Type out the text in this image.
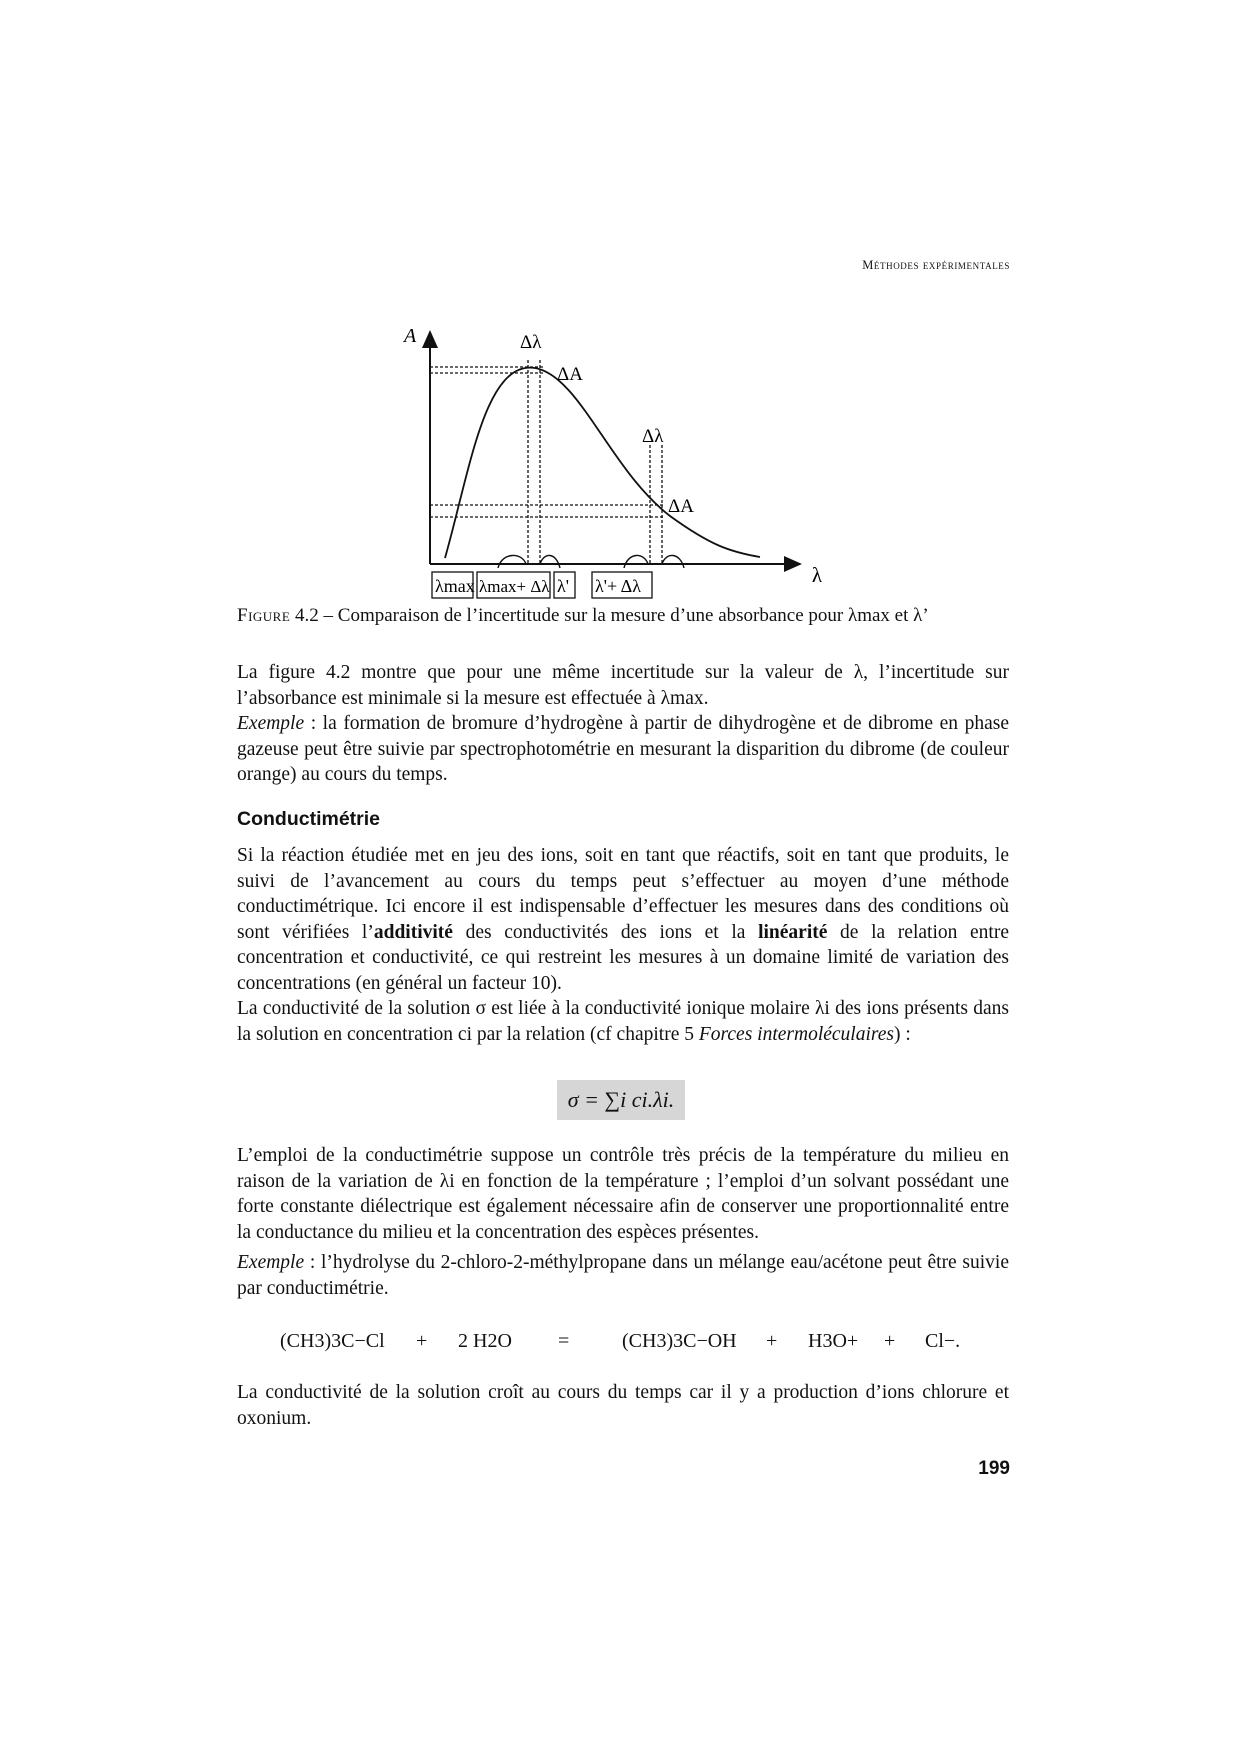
Méthodes expérimentales
A
λ
Δλ
ΔA
Δλ
ΔA
λmax λmax+ Δλ λ' λ'+ Δλ
Figure 4.2 – Comparaison de l’incertitude sur la mesure d’une absorbance pour λmax et λ’

La figure 4.2 montre que pour une même incertitude sur la valeur de λ, l’incertitude sur l’absorbance est minimale si la mesure est effectuée à λmax.

Exemple : la formation de bromure d’hydrogène à partir de dihydrogène et de dibrome en phase gazeuse peut être suivie par spectrophotométrie en mesurant la disparition du dibrome (de couleur orange) au cours du temps.

Conductimétrie

Si la réaction étudiée met en jeu des ions, soit en tant que réactifs, soit en tant que produits, le suivi de l’avancement au cours du temps peut s’effectuer au moyen d’une méthode conductimétrique. Ici encore il est indispensable d’effectuer les mesures dans des conditions où sont vérifiées l’additivité des conductivités des ions et la linéarité de la relation entre concentration et conductivité, ce qui restreint les mesures à un domaine limité de variation des concentrations (en général un facteur 10).

La conductivité de la solution σ est liée à la conductivité ionique molaire λi des ions présents dans la solution en concentration ci par la relation (cf chapitre 5 Forces intermoléculaires) :

σ = ∑i ci.λi.

L’emploi de la conductimétrie suppose un contrôle très précis de la température du milieu en raison de la variation de λi en fonction de la température ; l’emploi d’un solvant possédant une forte constante diélectrique est également nécessaire afin de conserver une proportionnalité entre la conductance du milieu et la concentration des espèces présentes.

Exemple : l’hydrolyse du 2-chloro-2-méthylpropane dans un mélange eau/acétone peut être suivie par conductimétrie.

(CH3)3C−Cl + 2 H2O =	(CH3)3C−OH + H3O+ + Cl−.

La conductivité de la solution croît au cours du temps car il y a production d’ions chlorure et oxonium.

199
